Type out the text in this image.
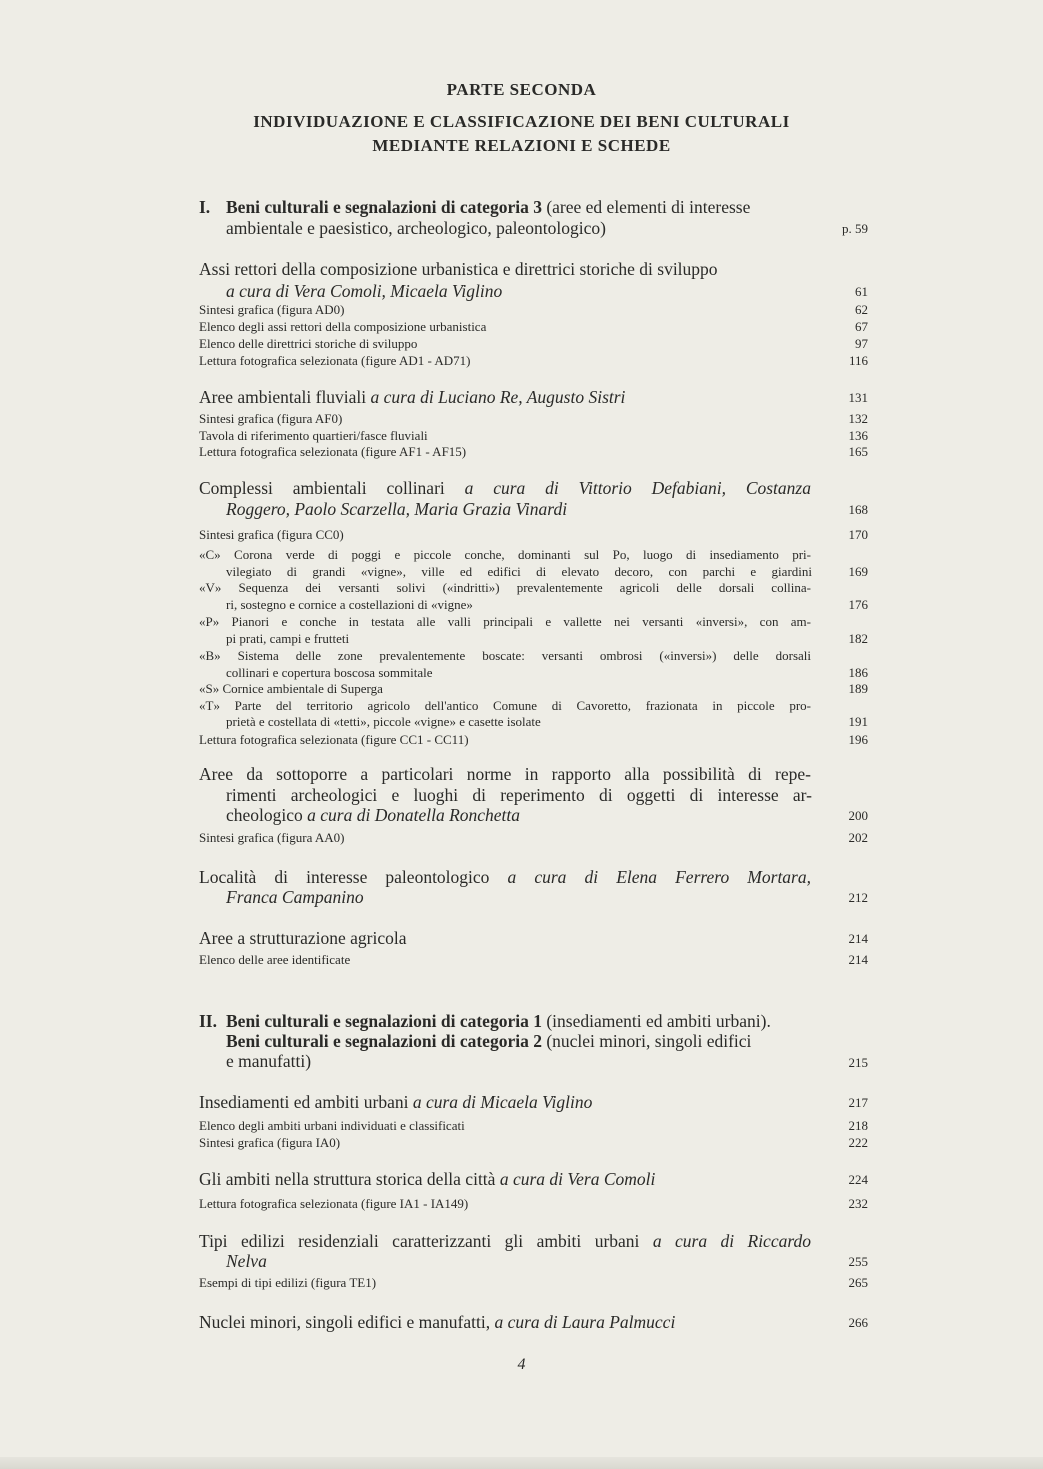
PARTE SECONDA
INDIVIDUAZIONE E CLASSIFICAZIONE DEI BENI CULTURALI
MEDIANTE RELAZIONI E SCHEDE
I. Beni culturali e segnalazioni di categoria 3 (aree ed elementi di interesse
ambientale e paesistico, archeologico, paleontologico)	p. 59
Assi rettori della composizione urbanistica e direttrici storiche di sviluppo
a cura di Vera Comoli, Micaela Viglino	61
Sintesi grafica (figura AD0)	62
Elenco degli assi rettori della composizione urbanistica	67
Elenco delle direttrici storiche di sviluppo	97
Lettura fotografica selezionata (figure AD1 - AD71)	116
Aree ambientali fluviali a cura di Luciano Re, Augusto Sistri	131
Sintesi grafica (figura AF0)	132
Tavola di riferimento quartieri/fasce fluviali	136
Lettura fotografica selezionata (figure AF1 - AF15)	165
Complessi ambientali collinari a cura di Vittorio Defabiani, Costanza
Roggero, Paolo Scarzella, Maria Grazia Vinardi	168
Sintesi grafica (figura CC0)	170
«C» Corona verde di poggi e piccole conche, dominanti sul Po, luogo di insediamento pri-
vilegiato di grandi «vigne», ville ed edifici di elevato decoro, con parchi e giardini	169
«V» Sequenza dei versanti solivi («indritti») prevalentemente agricoli delle dorsali collina-
ri, sostegno e cornice a costellazioni di «vigne»	176
«P» Pianori e conche in testata alle valli principali e vallette nei versanti «inversi», con am-
pi prati, campi e frutteti	182
«B» Sistema delle zone prevalentemente boscate: versanti ombrosi («inversi») delle dorsali
collinari e copertura boscosa sommitale	186
«S» Cornice ambientale di Superga	189
«T» Parte del territorio agricolo dell'antico Comune di Cavoretto, frazionata in piccole pro-
prietà e costellata di «tetti», piccole «vigne» e casette isolate	191
Lettura fotografica selezionata (figure CC1 - CC11)	196
Aree da sottoporre a particolari norme in rapporto alla possibilità di repe-
rimenti archeologici e luoghi di reperimento di oggetti di interesse ar-
cheologico a cura di Donatella Ronchetta	200
Sintesi grafica (figura AA0)	202
Località di interesse paleontologico a cura di Elena Ferrero Mortara,
Franca Campanino	212
Aree a strutturazione agricola	214
Elenco delle aree identificate	214
II. Beni culturali e segnalazioni di categoria 1 (insediamenti ed ambiti urbani).
Beni culturali e segnalazioni di categoria 2 (nuclei minori, singoli edifici
e manufatti)	215
Insediamenti ed ambiti urbani a cura di Micaela Viglino	217
Elenco degli ambiti urbani individuati e classificati	218
Sintesi grafica (figura IA0)	222
Gli ambiti nella struttura storica della città a cura di Vera Comoli	224
Lettura fotografica selezionata (figure IA1 - IA149)	232
Tipi edilizi residenziali caratterizzanti gli ambiti urbani a cura di Riccardo
Nelva	255
Esempi di tipi edilizi (figura TE1)	265
Nuclei minori, singoli edifici e manufatti, a cura di Laura Palmucci	266
4
